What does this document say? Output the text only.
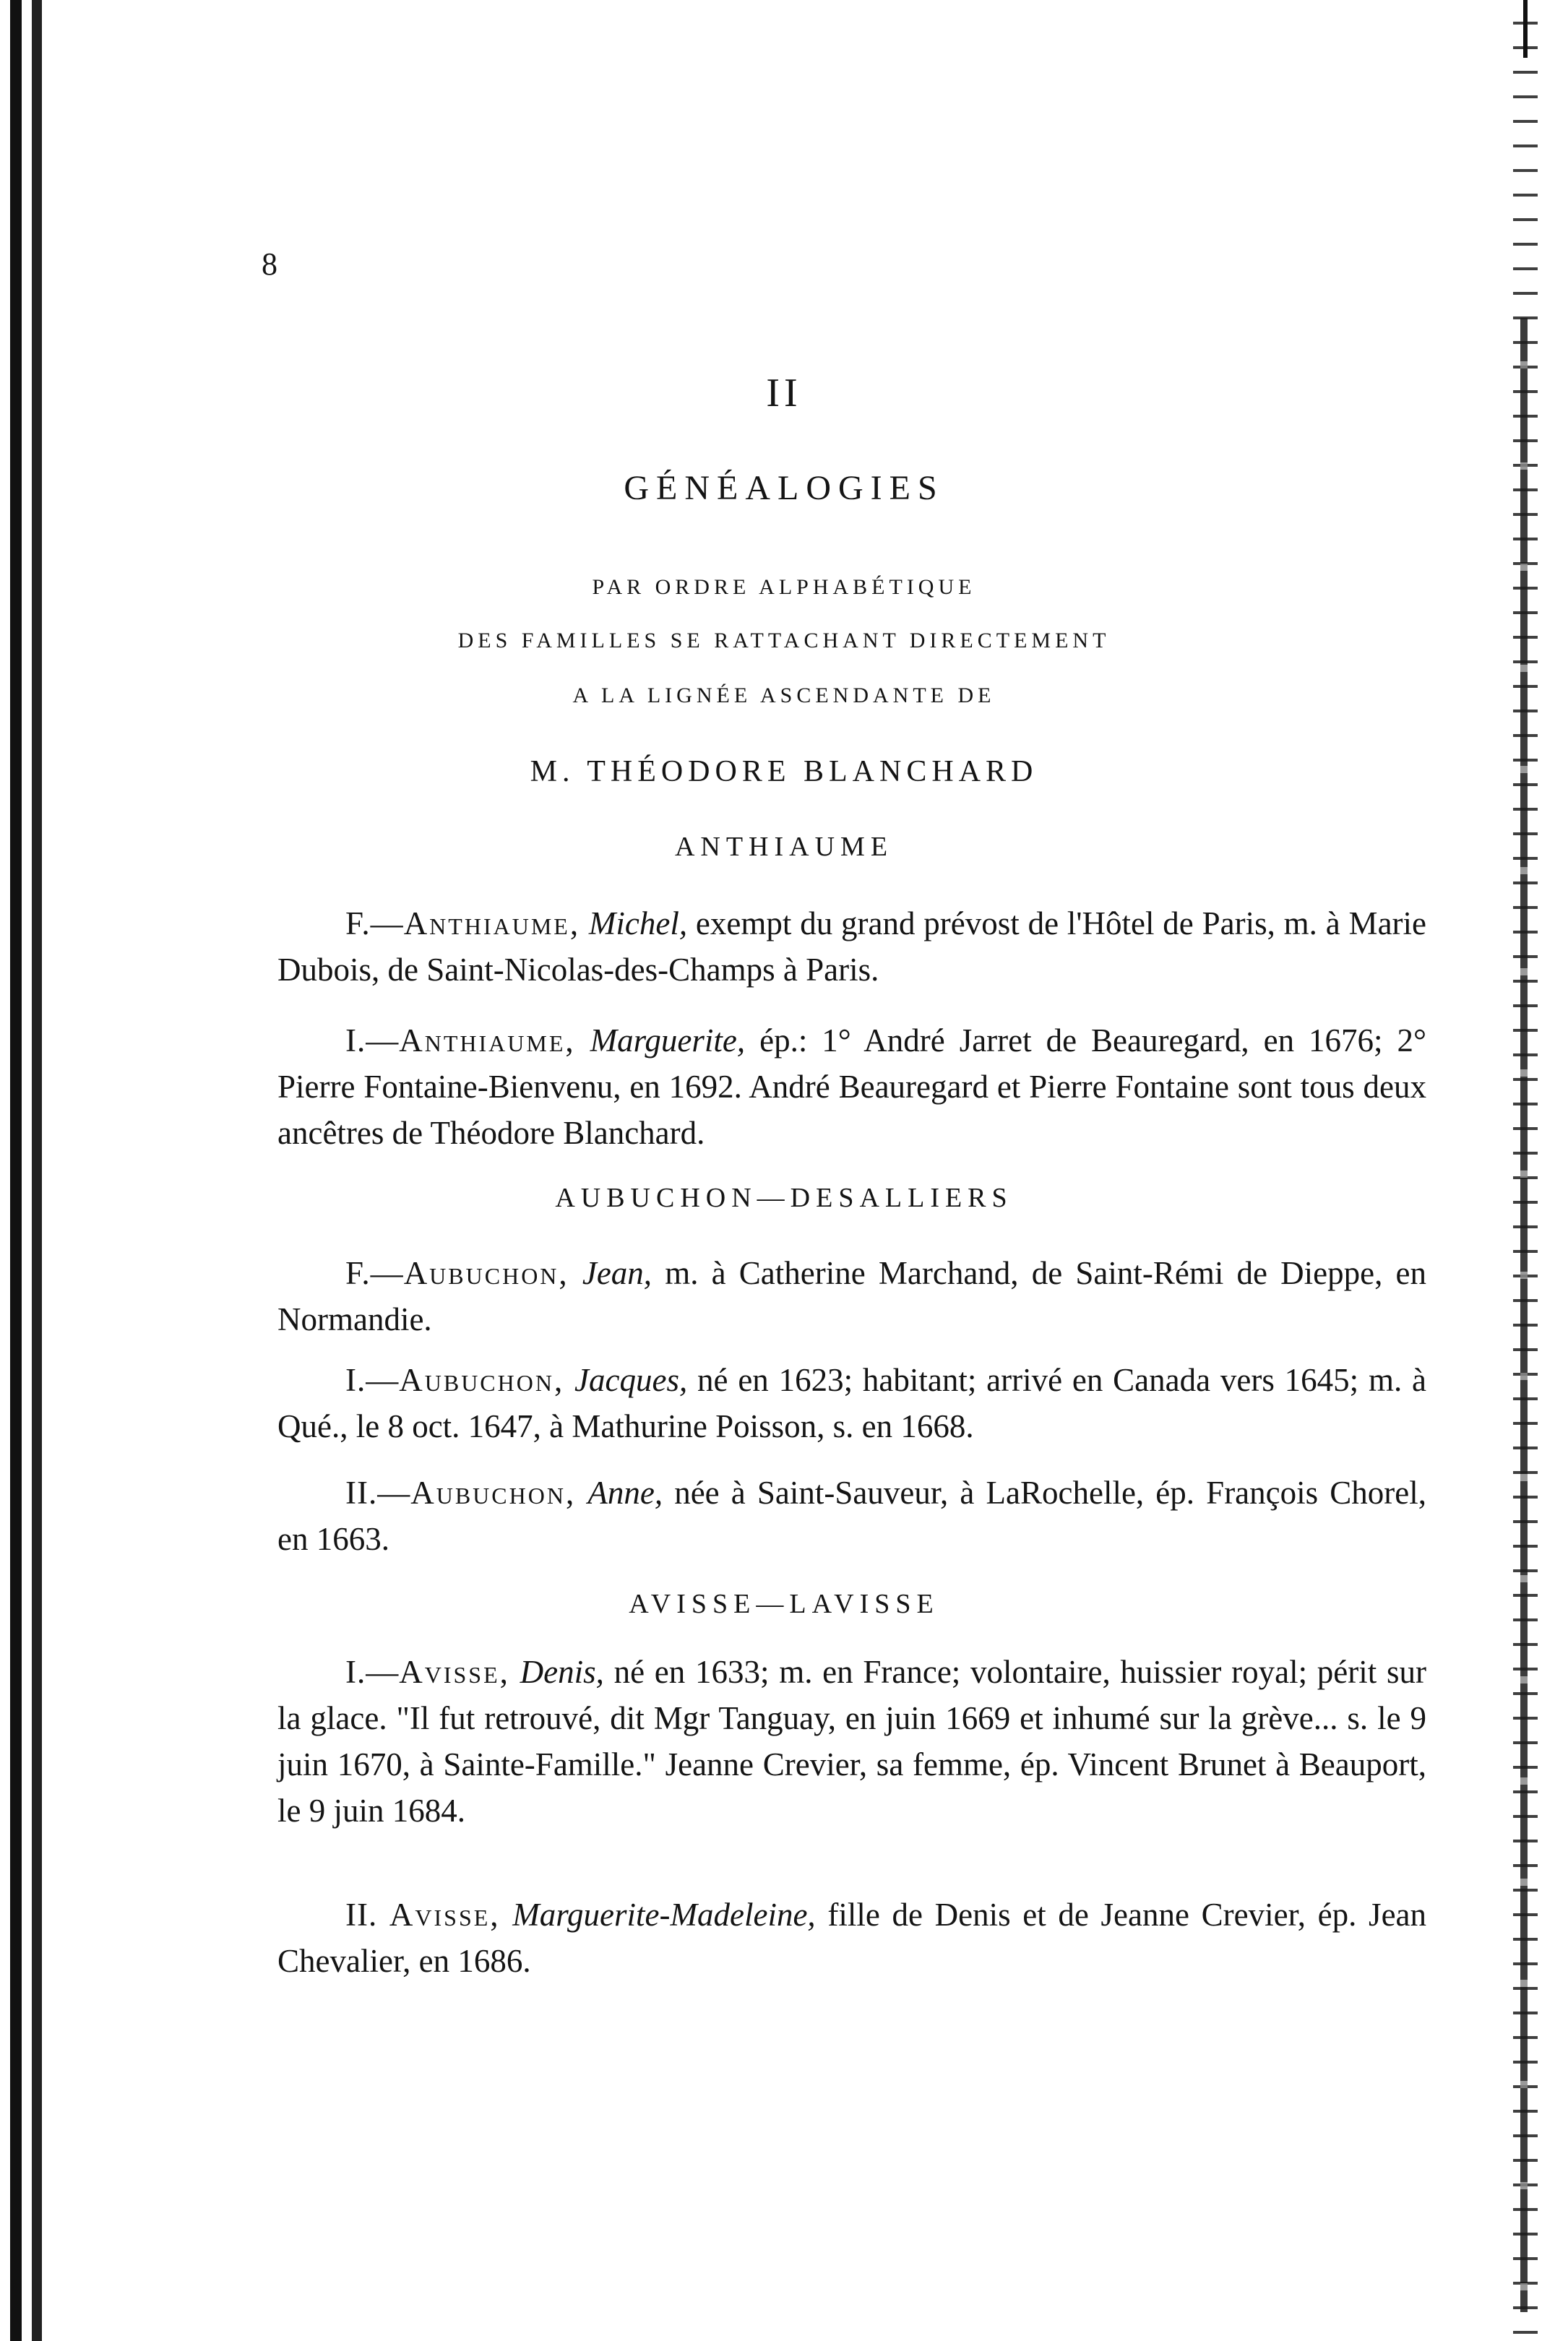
8
II
GÉNÉALOGIES
PAR ORDRE ALPHABÉTIQUE
DES FAMILLES SE RATTACHANT DIRECTEMENT
A LA LIGNÉE ASCENDANTE DE
M. THÉODORE BLANCHARD
ANTHIAUME
F.—Anthiaume, Michel, exempt du grand prévost de l'Hôtel de Paris, m. à Marie Dubois, de Saint-Nicolas-des-Champs à Paris.
I.—Anthiaume, Marguerite, ép.: 1° André Jarret de Beauregard, en 1676; 2° Pierre Fontaine-Bienvenu, en 1692. André Beauregard et Pierre Fontaine sont tous deux ancêtres de Théodore Blanchard.
AUBUCHON—DESALLIERS
F.—Aubuchon, Jean, m. à Catherine Marchand, de Saint-Rémi de Dieppe, en Normandie.
I.—Aubuchon, Jacques, né en 1623; habitant; arrivé en Canada vers 1645; m. à Qué., le 8 oct. 1647, à Mathurine Poisson, s. en 1668.
II.—Aubuchon, Anne, née à Saint-Sauveur, à LaRochelle, ép. François Chorel, en 1663.
AVISSE—LAVISSE
I.—Avisse, Denis, né en 1633; m. en France; volontaire, huissier royal; périt sur la glace. "Il fut retrouvé, dit Mgr Tanguay, en juin 1669 et inhumé sur la grève... s. le 9 juin 1670, à Sainte-Famille." Jeanne Crevier, sa femme, ép. Vincent Brunet à Beauport, le 9 juin 1684.
II. Avisse, Marguerite-Madeleine, fille de Denis et de Jeanne Crevier, ép. Jean Chevalier, en 1686.
